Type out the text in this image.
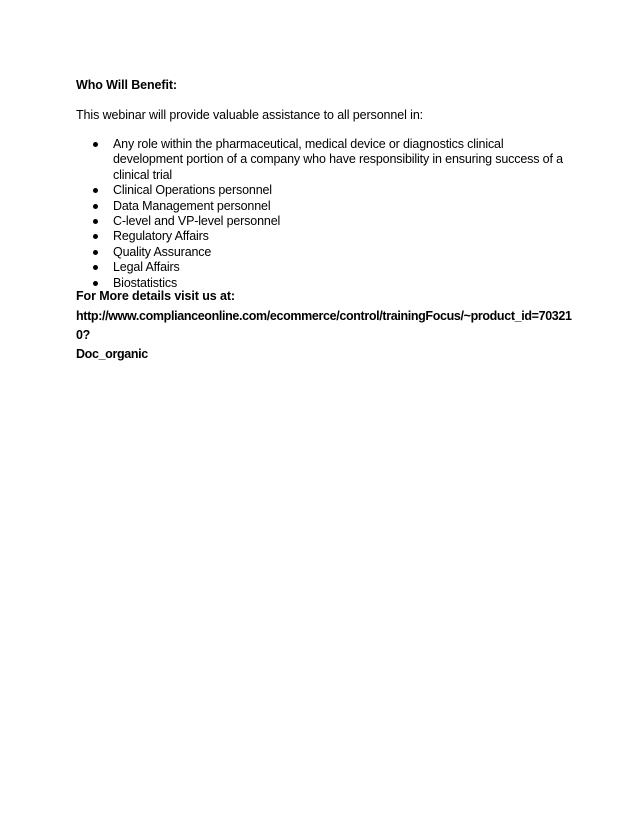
Who Will Benefit:
This webinar will provide valuable assistance to all personnel in:
Any role within the pharmaceutical, medical device or diagnostics clinical development portion of a company who have responsibility in ensuring success of a clinical trial
Clinical Operations personnel
Data Management personnel
C-level and VP-level personnel
Regulatory Affairs
Quality Assurance
Legal Affairs
Biostatistics
For More details visit us at:
http://www.complianceonline.com/ecommerce/control/trainingFocus/~product_id=703210?
Doc_organic
